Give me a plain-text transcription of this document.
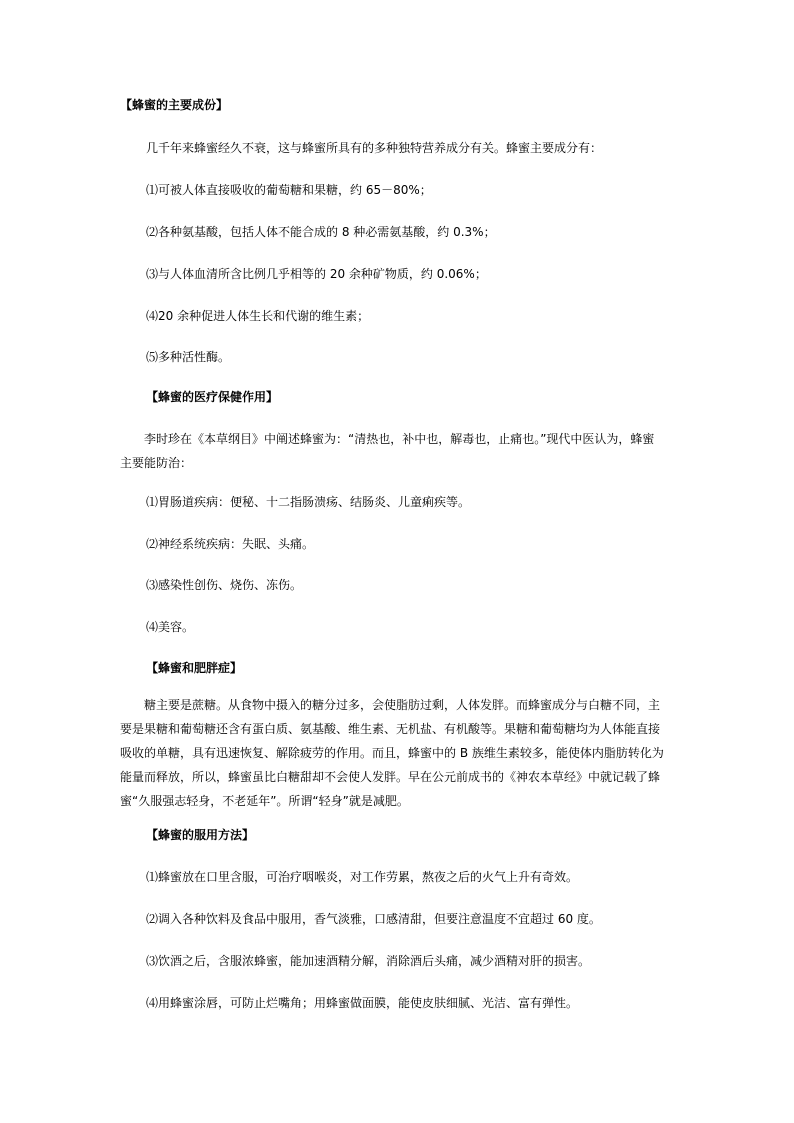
【蜂蜜的主要成份】
几千年来蜂蜜经久不衰，这与蜂蜜所具有的多种独特营养成分有关。蜂蜜主要成分有：
⑴可被人体直接吸收的葡萄糖和果糖，约 65－80%；
⑵各种氨基酸，包括人体不能合成的 8 种必需氨基酸，约 0.3%；
⑶与人体血清所含比例几乎相等的 20 余种矿物质，约 0.06%；
⑷20 余种促进人体生长和代谢的维生素；
⑸多种活性酶。
【蜂蜜的医疗保健作用】
李时珍在《本草纲目》中阐述蜂蜜为：“清热也，补中也，解毒也，止痛也。”现代中医认为，蜂蜜主要能防治：
⑴胃肠道疾病：便秘、十二指肠溃疡、结肠炎、儿童痢疾等。
⑵神经系统疾病：失眠、头痛。
⑶感染性创伤、烧伤、冻伤。
⑷美容。
【蜂蜜和肥胖症】
糖主要是蔗糖。从食物中摄入的糖分过多，会使脂肪过剩，人体发胖。而蜂蜜成分与白糖不同，主要是果糖和葡萄糖还含有蛋白质、氨基酸、维生素、无机盐、有机酸等。果糖和葡萄糖均为人体能直接吸收的单糖，具有迅速恢复、解除疲劳的作用。而且，蜂蜜中的 B 族维生素较多，能使体内脂肪转化为能量而释放，所以，蜂蜜虽比白糖甜却不会使人发胖。早在公元前成书的《神农本草经》中就记载了蜂蜜“久服强志轻身，不老延年”。所谓“轻身”就是减肥。
【蜂蜜的服用方法】
⑴蜂蜜放在口里含服，可治疗咽喉炎，对工作劳累，熬夜之后的火气上升有奇效。
⑵调入各种饮料及食品中服用，香气淡雅，口感清甜，但要注意温度不宜超过 60 度。
⑶饮酒之后，含服浓蜂蜜，能加速酒精分解，消除酒后头痛，减少酒精对肝的损害。
⑷用蜂蜜涂唇，可防止烂嘴角；用蜂蜜做面膜，能使皮肤细腻、光洁、富有弹性。
